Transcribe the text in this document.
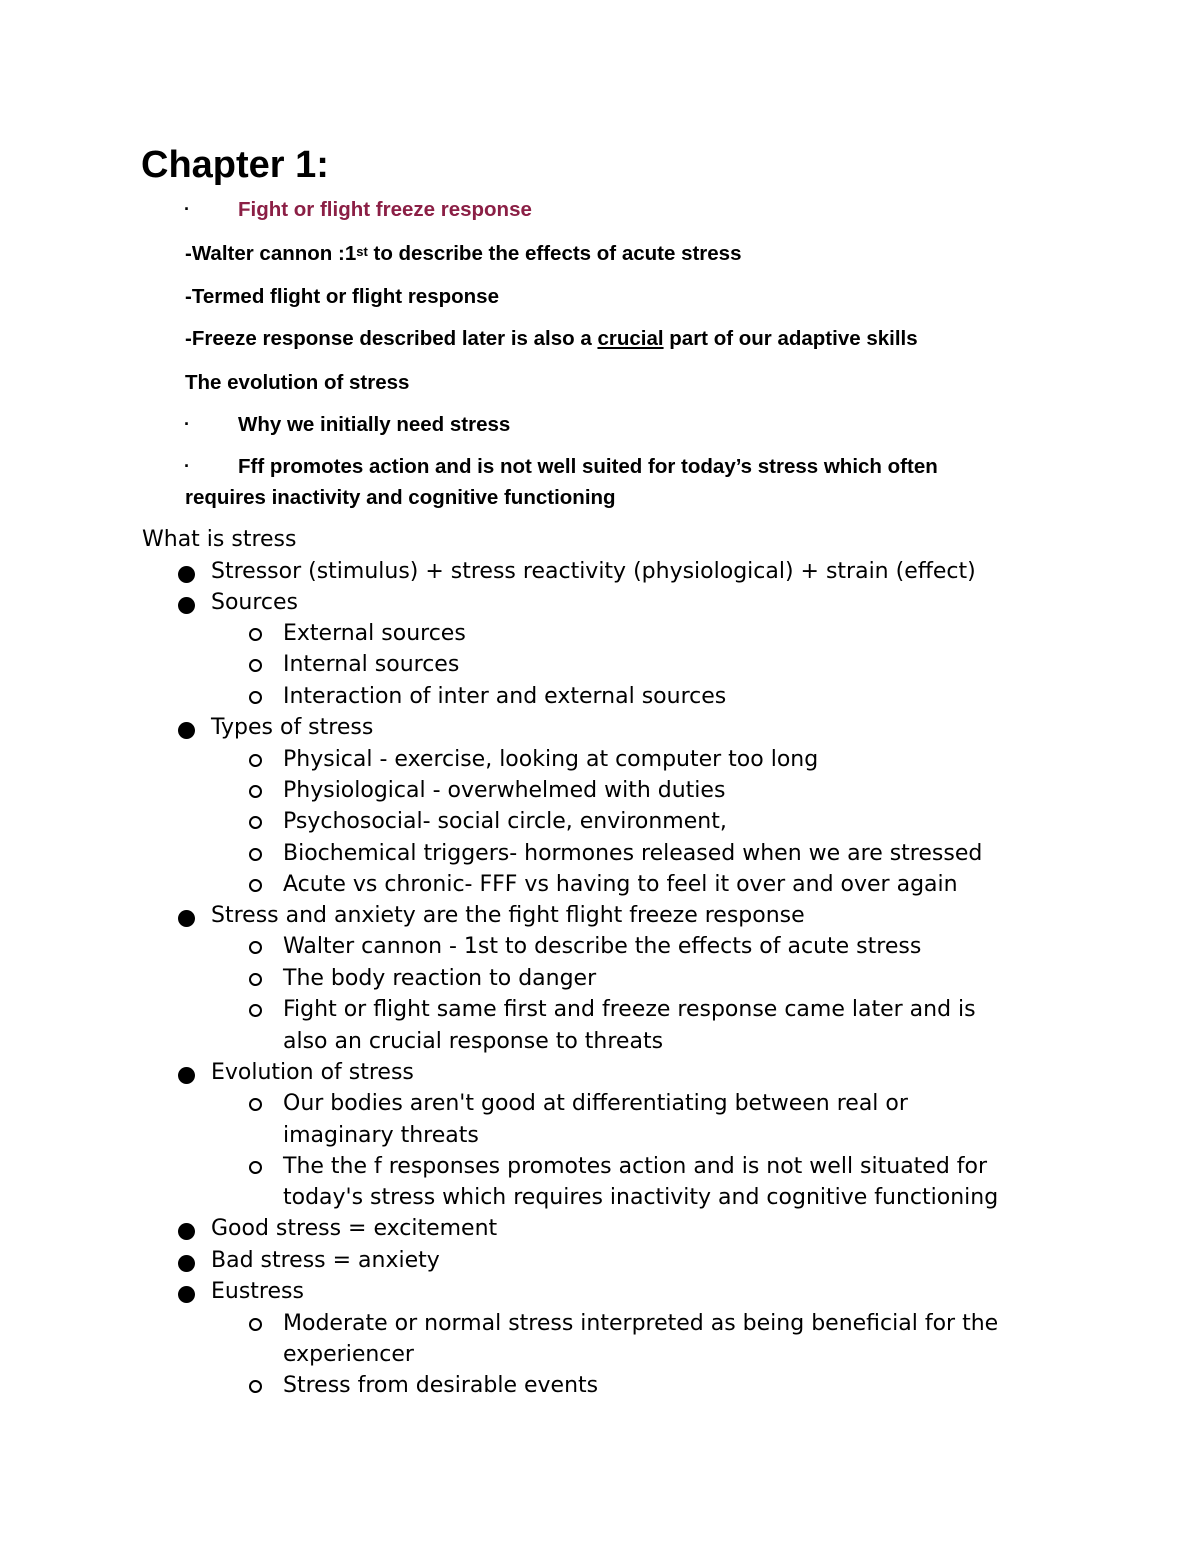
Chapter 1:
· Fight or flight freeze response
-Walter cannon :1st to describe the effects of acute stress
-Termed flight or flight response
-Freeze response described later is also a crucial part of our adaptive skills
The evolution of stress
· Why we initially need stress
· Fff promotes action and is not well suited for today’s stress which often
requires inactivity and cognitive functioning
What is stress
Stressor (stimulus) + stress reactivity (physiological) + strain (effect)
Sources
External sources
Internal sources
Interaction of inter and external sources
Types of stress
Physical - exercise, looking at computer too long
Physiological - overwhelmed with duties
Psychosocial- social circle, environment,
Biochemical triggers- hormones released when we are stressed
Acute vs chronic- FFF vs having to feel it over and over again
Stress and anxiety are the fight flight freeze response
Walter cannon - 1st to describe the effects of acute stress
The body reaction to danger
Fight or flight same first and freeze response came later and is
also an crucial response to threats
Evolution of stress
Our bodies aren't good at differentiating between real or
imaginary threats
The the f responses promotes action and is not well situated for
today's stress which requires inactivity and cognitive functioning
Good stress = excitement
Bad stress = anxiety
Eustress
Moderate or normal stress interpreted as being beneficial for the
experiencer
Stress from desirable events
